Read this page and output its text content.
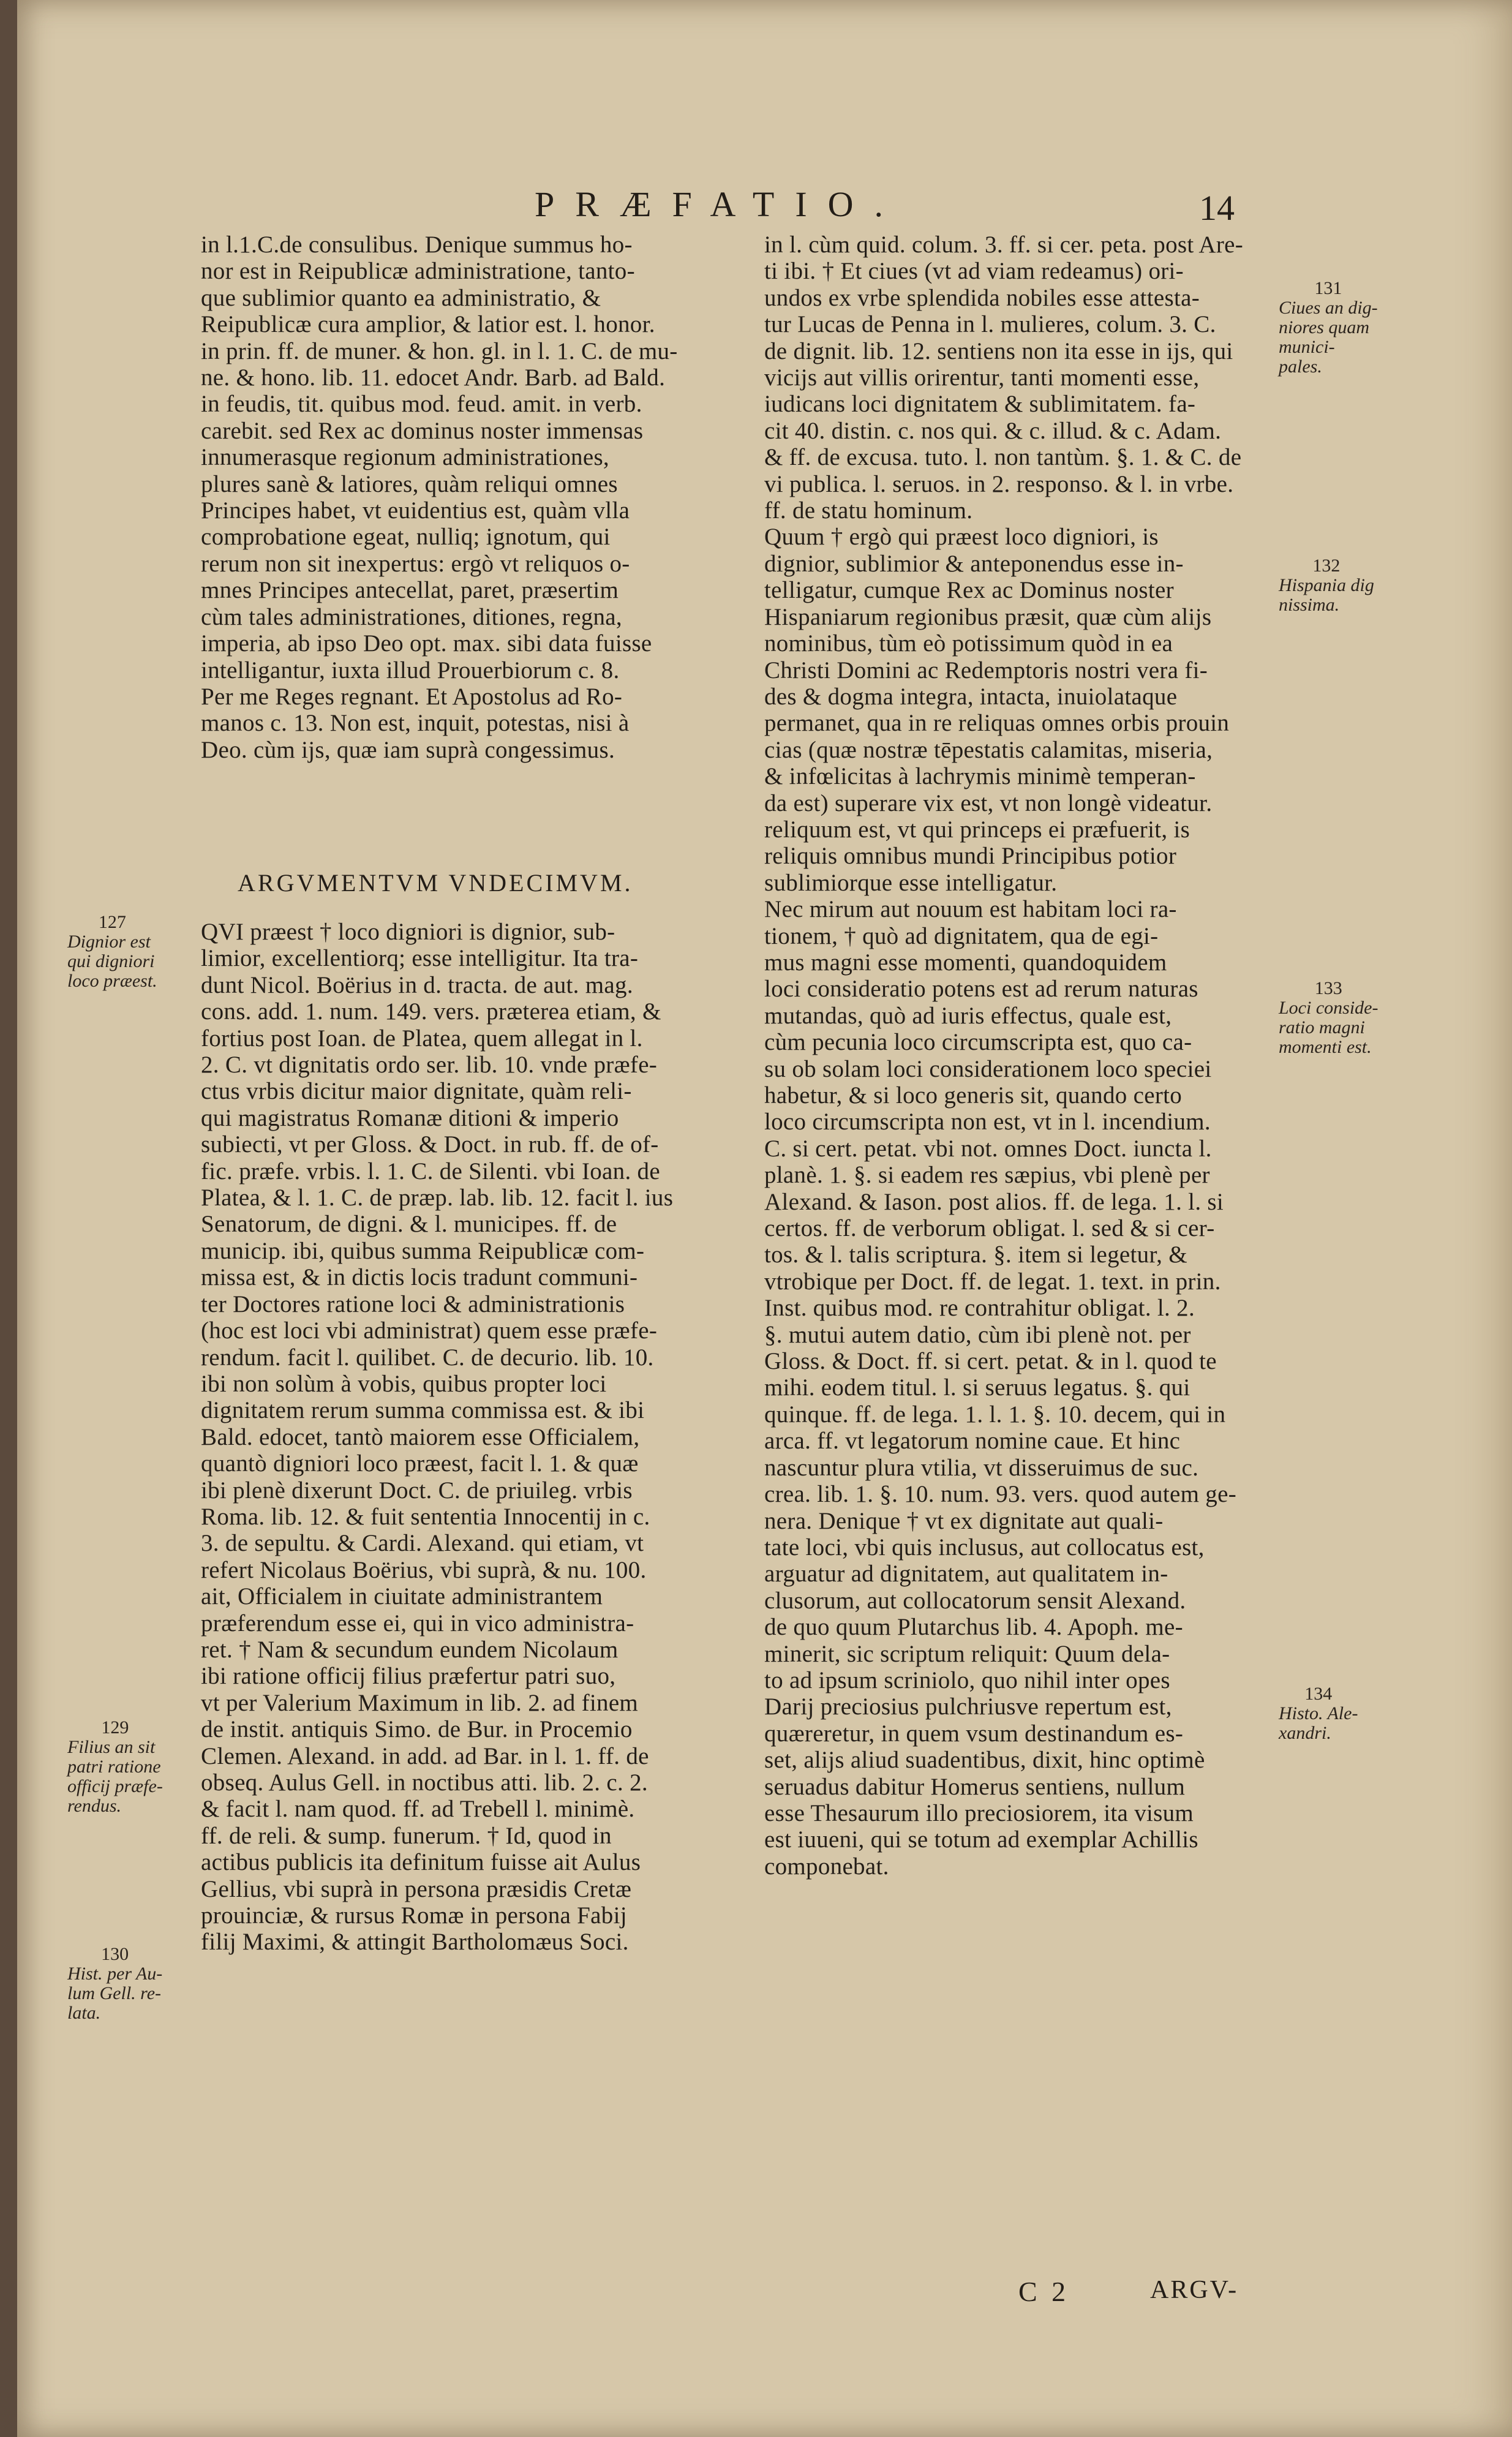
PRÆFATIO.	14
in l.1.C.de consulibus. Denique summus ho-
nor est in Reipublicæ administratione, tanto-
que sublimior quanto ea administratio, &
Reipublicæ cura amplior, & latior est. l. honor.
in prin. ff. de muner. & hon. gl. in l. 1. C. de mu-
ne. & hono. lib. 11. edocet Andr. Barb. ad Bald.
in feudis, tit. quibus mod. feud. amit. in verb.
carebit. sed Rex ac dominus noster immensas
innumerasque regionum administrationes,
plures sanè & latiores, quàm reliqui omnes
Principes habet, vt euidentius est, quàm vlla
comprobatione egeat, nulliq; ignotum, qui
rerum non sit inexpertus: ergò vt reliquos o-
mnes Principes antecellat, paret, præsertim
cùm tales administrationes, ditiones, regna,
imperia, ab ipso Deo opt. max. sibi data fuisse
intelligantur, iuxta illud Prouerbiorum c. 8.
Per me Reges regnant. Et Apostolus ad Ro-
manos c. 13. Non est, inquit, potestas, nisi à
Deo. cùm ijs, quæ iam suprà congessimus.
ARGVMENTVM VNDECIMVM.
QVI præest † loco digniori is dignior, sub-
limior, excellentiorq; esse intelligitur. Ita tra-
dunt Nicol. Boërius in d. tracta. de aut. mag.
cons. add. 1. num. 149. vers. præterea etiam, &
fortius post Ioan. de Platea, quem allegat in l.
2. C. vt dignitatis ordo ser. lib. 10. vnde præfe-
ctus vrbis dicitur maior dignitate, quàm reli-
qui magistratus Romanæ ditioni & imperio
subiecti, vt per Gloss. & Doct. in rub. ff. de of-
fic. præfe. vrbis. l. 1. C. de Silenti. vbi Ioan. de
Platea, & l. 1. C. de præp. lab. lib. 12. facit l. ius
Senatorum, de digni. & l. municipes. ff. de
municip. ibi, quibus summa Reipublicæ com-
missa est, & in dictis locis tradunt communi-
ter Doctores ratione loci & administrationis
(hoc est loci vbi administrat) quem esse præfe-
rendum. facit l. quilibet. C. de decurio. lib. 10.
ibi non solùm à vobis, quibus propter loci
dignitatem rerum summa commissa est. & ibi
Bald. edocet, tantò maiorem esse Officialem,
quantò digniori loco præest, facit l. 1. & quæ
ibi plenè dixerunt Doct. C. de priuileg. vrbis
Roma. lib. 12. & fuit sententia Innocentij in c.
3. de sepultu. & Cardi. Alexand. qui etiam, vt
refert Nicolaus Boërius, vbi suprà, & nu. 100.
ait, Officialem in ciuitate administrantem
præferendum esse ei, qui in vico administra-
ret. † Nam & secundum eundem Nicolaum
ibi ratione officij filius præfertur patri suo,
vt per Valerium Maximum in lib. 2. ad finem
de instit. antiquis Simo. de Bur. in Procemio
Clemen. Alexand. in add. ad Bar. in l. 1. ff. de
obseq. Aulus Gell. in noctibus atti. lib. 2. c. 2.
& facit l. nam quod. ff. ad Trebell l. minimè.
ff. de reli. & sump. funerum. † Id, quod in
actibus publicis ita definitum fuisse ait Aulus
Gellius, vbi suprà in persona præsidis Cretæ
prouinciæ, & rursus Romæ in persona Fabij
filij Maximi, & attingit Bartholomæus Soci.
in l. cùm quid. colum. 3. ff. si cer. peta. post Are-
ti ibi. † Et ciues (vt ad viam redeamus) ori-
undos ex vrbe splendida nobiles esse attesta-
tur Lucas de Penna in l. mulieres, colum. 3. C.
de dignit. lib. 12. sentiens non ita esse in ijs, qui
vicijs aut villis orirentur, tanti momenti esse,
iudicans loci dignitatem & sublimitatem. fa-
cit 40. distin. c. nos qui. & c. illud. & c. Adam.
& ff. de excusa. tuto. l. non tantùm. §. 1. & C. de
vi publica. l. seruos. in 2. responso. & l. in vrbe.
ff. de statu hominum.
Quum † ergò qui præest loco digniori, is
dignior, sublimior & anteponendus esse in-
telligatur, cumque Rex ac Dominus noster
Hispaniarum regionibus præsit, quæ cùm alijs
nominibus, tùm eò potissimum quòd in ea
Christi Domini ac Redemptoris nostri vera fi-
des & dogma integra, intacta, inuiolataque
permanet, qua in re reliquas omnes orbis prouin
cias (quæ nostræ tēpestatis calamitas, miseria,
& infœlicitas à lachrymis minimè temperan-
da est) superare vix est, vt non longè videatur.
reliquum est, vt qui princeps ei præfuerit, is
reliquis omnibus mundi Principibus potior
sublimiorque esse intelligatur.
Nec mirum aut nouum est habitam loci ra-
tionem, † quò ad dignitatem, qua de egi-
mus magni esse momenti, quandoquidem
loci consideratio potens est ad rerum naturas
mutandas, quò ad iuris effectus, quale est,
cùm pecunia loco circumscripta est, quo ca-
su ob solam loci considerationem loco speciei
habetur, & si loco generis sit, quando certo
loco circumscripta non est, vt in l. incendium.
C. si cert. petat. vbi not. omnes Doct. iuncta l.
planè. 1. §. si eadem res sæpius, vbi plenè per
Alexand. & Iason. post alios. ff. de lega. 1. l. si
certos. ff. de verborum obligat. l. sed & si cer-
tos. & l. talis scriptura. §. item si legetur, &
vtrobique per Doct. ff. de legat. 1. text. in prin.
Inst. quibus mod. re contrahitur obligat. l. 2.
§. mutui autem datio, cùm ibi plenè not. per
Gloss. & Doct. ff. si cert. petat. & in l. quod te
mihi. eodem titul. l. si seruus legatus. §. qui
quinque. ff. de lega. 1. l. 1. §. 10. decem, qui in
arca. ff. vt legatorum nomine caue. Et hinc
nascuntur plura vtilia, vt disseruimus de suc.
crea. lib. 1. §. 10. num. 93. vers. quod autem ge-
nera. Denique † vt ex dignitate aut quali-
tate loci, vbi quis inclusus, aut collocatus est,
arguatur ad dignitatem, aut qualitatem in-
clusorum, aut collocatorum sensit Alexand.
de quo quum Plutarchus lib. 4. Apoph. me-
minerit, sic scriptum reliquit: Quum dela-
to ad ipsum scriniolo, quo nihil inter opes
Darij preciosius pulchriusve repertum est,
quæreretur, in quem vsum destinandum es-
set, alijs aliud suadentibus, dixit, hinc optimè
seruadus dabitur Homerus sentiens, nullum
esse Thesaurum illo preciosiorem, ita visum
est iuueni, qui se totum ad exemplar Achillis
componebat.
131
Ciues an dig-
niores quam
munici-
pales.
132
Hispania dig
nissima.
133
Loci conside-
ratio magni
momenti est.
134
Histo. Ale-
xandri.
127
Dignior est
qui digniori
loco præest.
129
Filius an sit
patri ratione
officij præfe-
rendus.
130
Hist. per Au-
lum Gell. re-
lata.
C 2	ARGV-
